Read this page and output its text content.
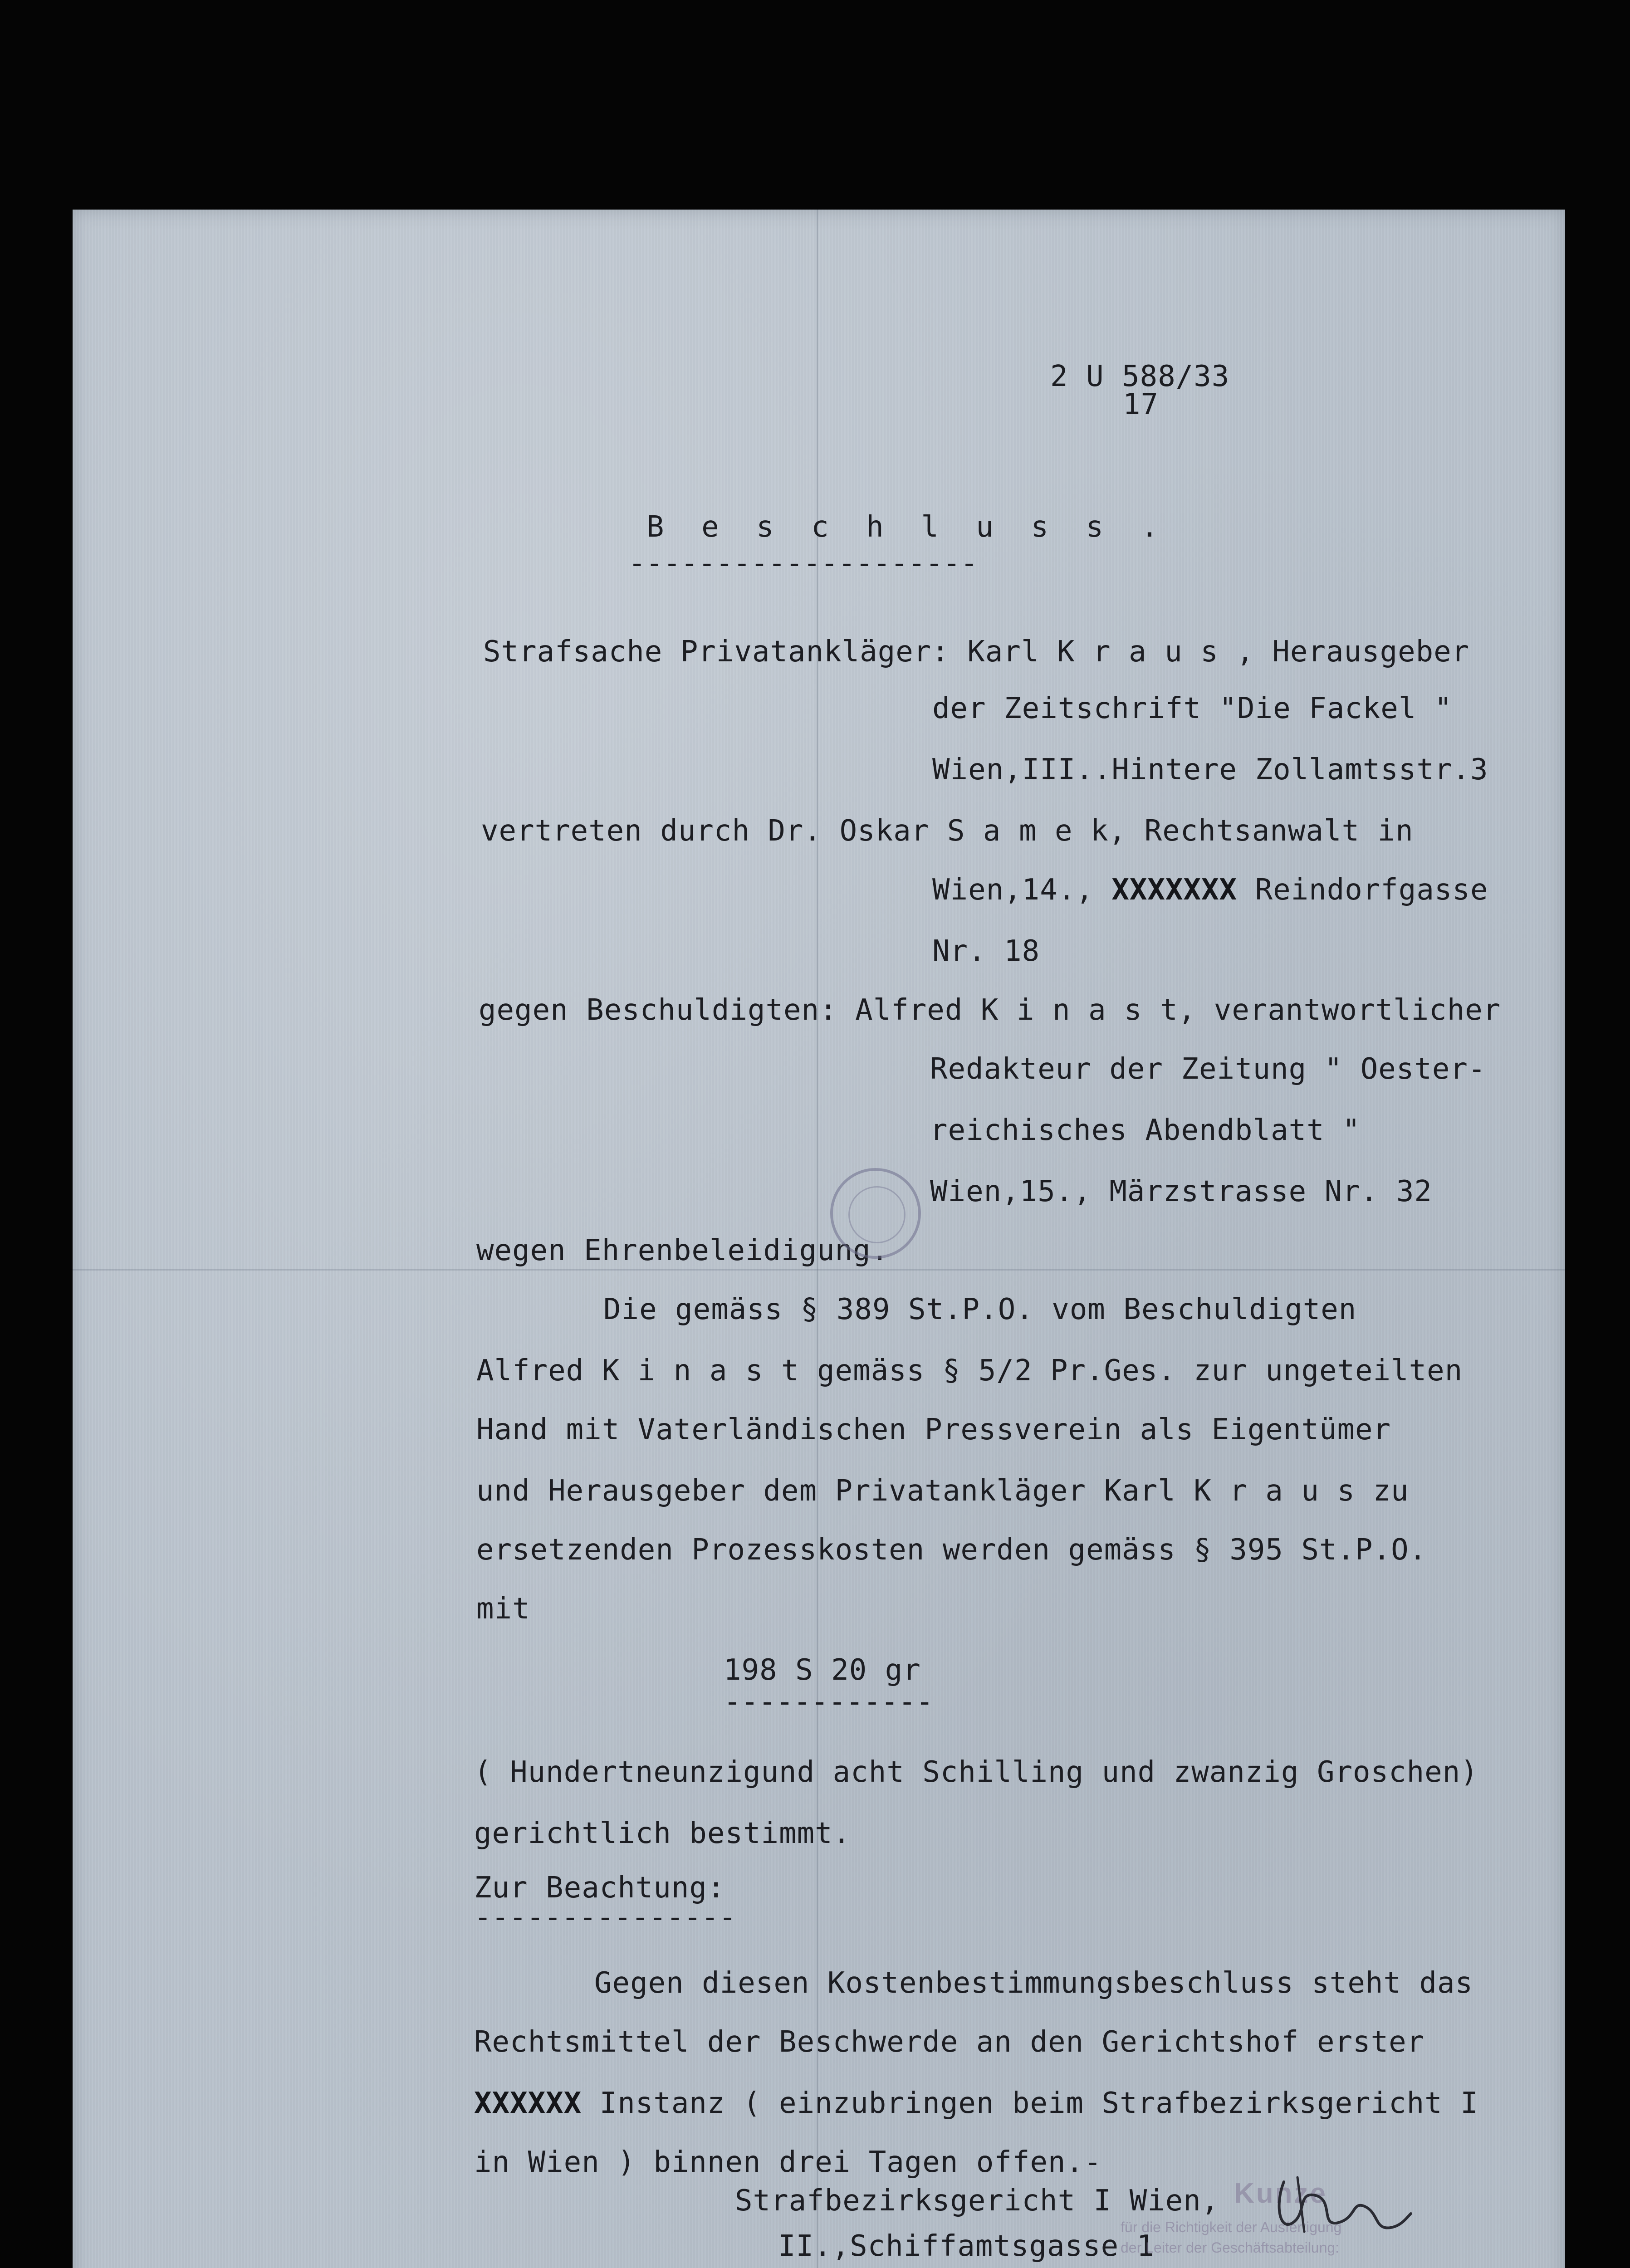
2 U 588/33
17
B e s c h l u s s .
--------------------
Strafsache Privatankläger: Karl K r a u s , Herausgeber
der Zeitschrift "Die Fackel "
Wien,III..Hintere Zollamtsstr.3
vertreten durch Dr. Oskar S a m e k, Rechtsanwalt in
Wien,14., XXXXXXX Reindorfgasse
Nr. 18
gegen Beschuldigten: Alfred K i n a s t, verantwortlicher
Redakteur der Zeitung " Oester-
reichisches Abendblatt "
Wien,15., Märzstrasse Nr. 32
wegen Ehrenbeleidigung.
Die gemäss § 389 St.P.O. vom Beschuldigten
Alfred K i n a s t gemäss § 5/2 Pr.Ges. zur ungeteilten
Hand mit Vaterländischen Pressverein als Eigentümer
und Herausgeber dem Privatankläger Karl K r a u s zu
ersetzenden Prozesskosten werden gemäss § 395 St.P.O.
mit
198 S 20 gr
------------
( Hundertneunzigund acht Schilling und zwanzig Groschen)
gerichtlich bestimmt.
Zur Beachtung:
---------------
Gegen diesen Kostenbestimmungsbeschluss steht das
Rechtsmittel der Beschwerde an den Gerichtshof erster
XXXXXX Instanz ( einzubringen beim Strafbezirksgericht I
in Wien ) binnen drei Tagen offen.-
Strafbezirksgericht I Wien,
II.,Schiffamtsgasse 1
Kunze
für die Richtigkeit der Ausfertigung
der Leiter der Geschäftsabteilung:
